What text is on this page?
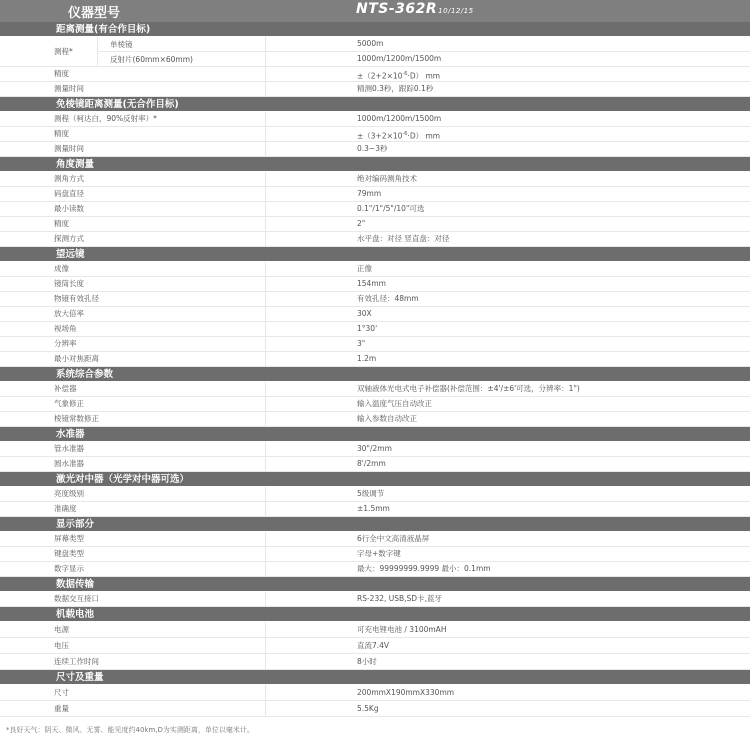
仪器型号	NTS-362R10/12/15
距离测量(有合作目标)
测程*
单棱镜	5000m
反射片(60mm×60mm)	1000m/1200m/1500m
精度	$\pm(2+2\times 10^{-6}\cdot D)$ mm
测量时间	精测0.3秒，跟踪0.1秒
免棱镜距离测量(无合作目标)
测程（柯达白，90%反射率）*	1000m/1200m/1500m
精度	$\pm(3+2\times 10^{-6}\cdot D)$ mm
测量时间	0.3~3秒
角度测量
测角方式	绝对编码测角技术
码盘直径	79mm
最小读数	0.1"/1"/5"/10"可选
精度	2"
探测方式	水平盘：对径 竖直盘：对径
望远镜
成像	正像
镜筒长度	154mm
物镜有效孔径	有效孔径：48mm
放大倍率	30X
视场角	1°30'
分辨率	3"
最小对焦距离	1.2m
系统综合参数
补偿器	双轴液体光电式电子补偿器(补偿范围：±4'/±6'可选，分辨率：1")
气象修正	输入温度气压自动改正
棱镜常数修正	输入参数自动改正
水准器
管水准器	30"/2mm
圆水准器	8'/2mm
激光对中器（光学对中器可选）
亮度级别	5级调节
准确度	±1.5mm
显示部分
屏幕类型	6行全中文高清液晶屏
键盘类型	字母+数字键
数字显示	最大：99999999.9999 最小：0.1mm
数据传输
数据交互接口	RS-232, USB,SD卡,蓝牙
机载电池
电源	可充电锂电池 / 3100mAH
电压	直流7.4V
连续工作时间	8小时
尺寸及重量
尺寸	200mmX190mmX330mm
重量	5.5Kg
*良好天气：阴天、微风、无雾、能见度约40km,D为实测距离，单位以毫米计。
